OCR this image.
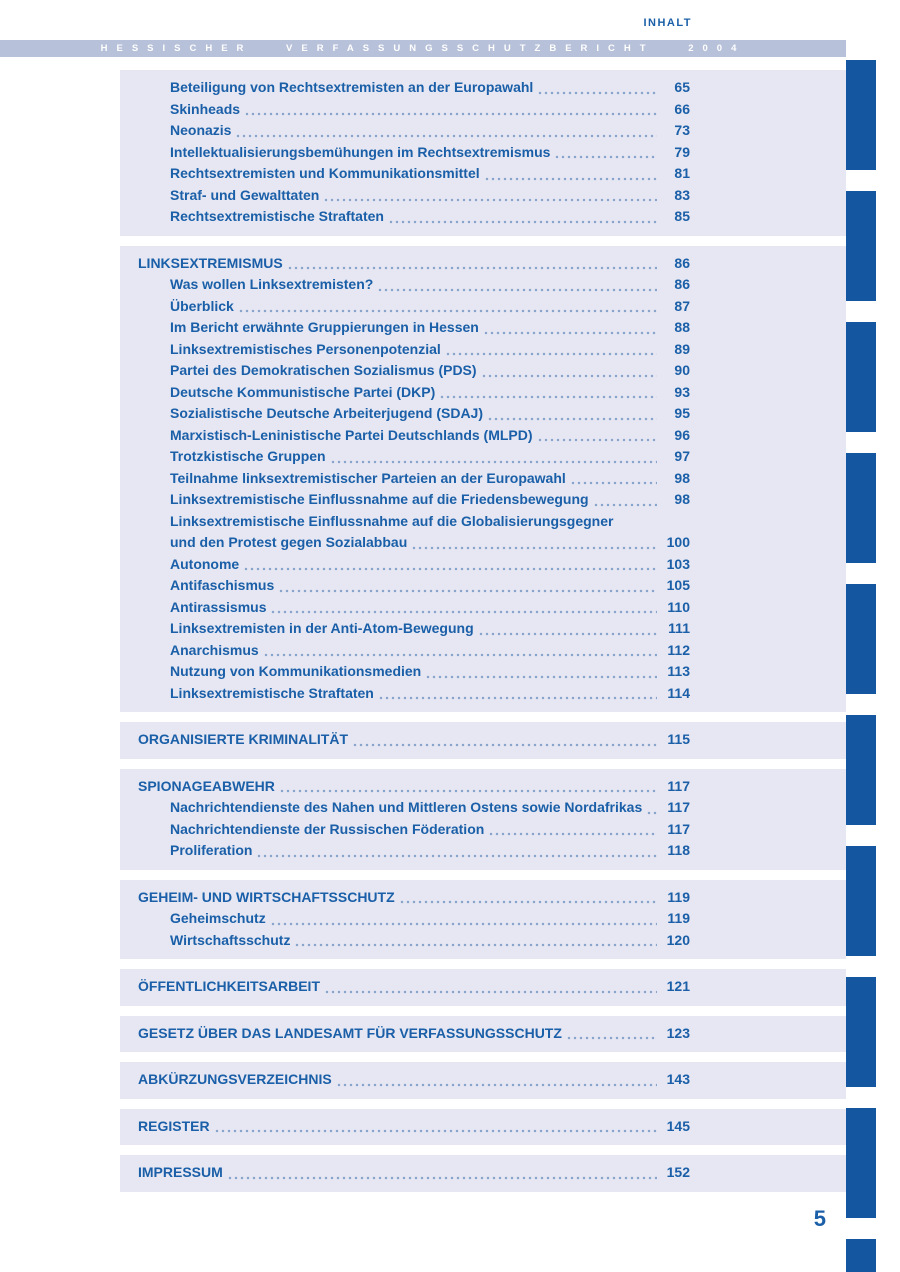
INHALT
HESSISCHER VERFASSUNGSSCHUTZBERICHT 2004
Beteiligung von Rechtsextremisten an der Europawahl	65
Skinheads	66
Neonazis	73
Intellektualisierungsbemühungen im Rechtsextremismus	79
Rechtsextremisten und Kommunikationsmittel	81
Straf- und Gewalttaten	83
Rechtsextremistische Straftaten	85
LINKSEXTREMISMUS	86
Was wollen Linksextremisten?	86
Überblick	87
Im Bericht erwähnte Gruppierungen in Hessen	88
Linksextremistisches Personenpotenzial	89
Partei des Demokratischen Sozialismus (PDS)	90
Deutsche Kommunistische Partei (DKP)	93
Sozialistische Deutsche Arbeiterjugend (SDAJ)	95
Marxistisch-Leninistische Partei Deutschlands (MLPD)	96
Trotzkistische Gruppen	97
Teilnahme linksextremistischer Parteien an der Europawahl	98
Linksextremistische Einflussnahme auf die Friedensbewegung	98
Linksextremistische Einflussnahme auf die Globalisierungsgegner
und den Protest gegen Sozialabbau	100
Autonome	103
Antifaschismus	105
Antirassismus	110
Linksextremisten in der Anti-Atom-Bewegung	111
Anarchismus	112
Nutzung von Kommunikationsmedien	113
Linksextremistische Straftaten	114
ORGANISIERTE KRIMINALITÄT	115
SPIONAGEABWEHR	117
Nachrichtendienste des Nahen und Mittleren Ostens sowie Nordafrikas	117
Nachrichtendienste der Russischen Föderation	117
Proliferation	118
GEHEIM- UND WIRTSCHAFTSSCHUTZ	119
Geheimschutz	119
Wirtschaftsschutz	120
ÖFFENTLICHKEITSARBEIT	121
GESETZ ÜBER DAS LANDESAMT FÜR VERFASSUNGSSCHUTZ	123
ABKÜRZUNGSVERZEICHNIS	143
REGISTER	145
IMPRESSUM	152
5
